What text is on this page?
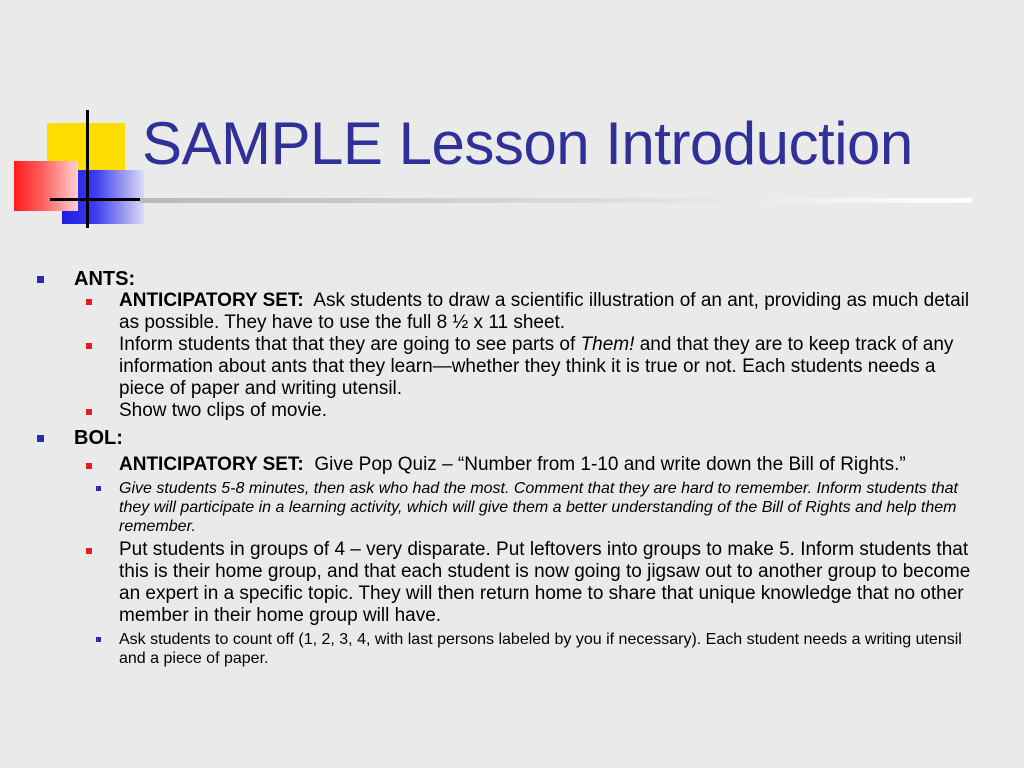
SAMPLE Lesson Introduction
ANTS:
ANTICIPATORY SET: Ask students to draw a scientific illustration of an ant, providing as much detail as possible. They have to use the full 8 ½ x 11 sheet.
Inform students that that they are going to see parts of Them! and that they are to keep track of any information about ants that they learn—whether they think it is true or not. Each students needs a piece of paper and writing utensil.
Show two clips of movie.
BOL:
ANTICIPATORY SET: Give Pop Quiz – “Number from 1-10 and write down the Bill of Rights.”
Give students 5-8 minutes, then ask who had the most. Comment that they are hard to remember. Inform students that they will participate in a learning activity, which will give them a better understanding of the Bill of Rights and help them remember.
Put students in groups of 4 – very disparate. Put leftovers into groups to make 5. Inform students that this is their home group, and that each student is now going to jigsaw out to another group to become an expert in a specific topic. They will then return home to share that unique knowledge that no other member in their home group will have.
Ask students to count off (1, 2, 3, 4, with last persons labeled by you if necessary). Each student needs a writing utensil and a piece of paper.
